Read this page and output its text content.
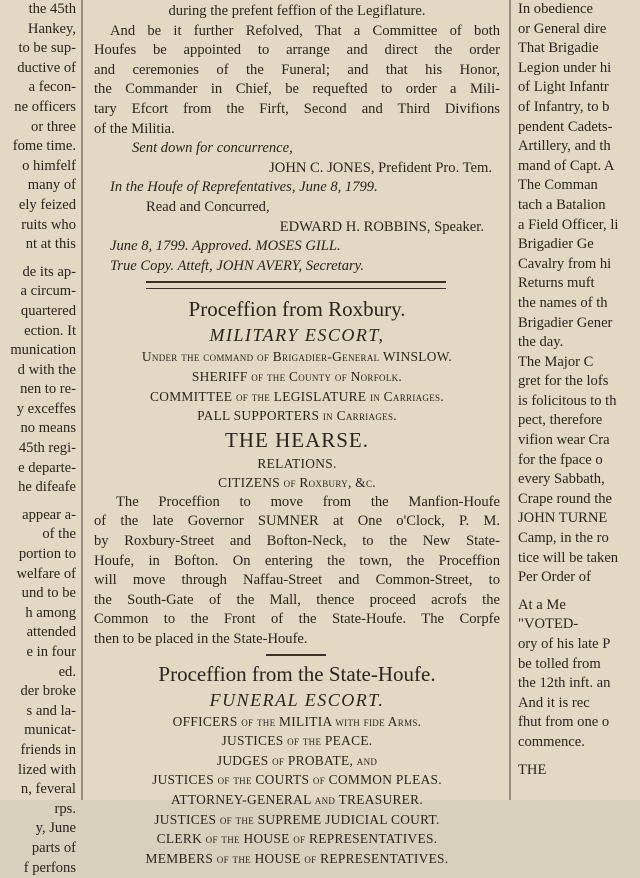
the 45th
Hankey,
to be sup-
ductive of
a fecon-
ne officers
or three
fome time.
o himfelf
many of
ely feized
ruits who
nt at this
de its ap-
a circum-
quartered
ection. It
munication
d with the
nen to re-
y exceffes
no means
45th regi-
e departe-
he difeafe
appear a-
of the
portion to
welfare of
und to be
h among
attended
e in four
ed.
der broke
s and la-
municat-
friends in
lized with
n, feveral
rps.
y, June
parts of
f perfons
during the prefent feffion of the Legiflature.
And be it further Refolved, That a Committee of both
Houfes be appointed to arrange and direct the order
and ceremonies of the Funeral; and that his Honor,
the Commander in Chief, be requefted to order a Mili-
tary Efcort from the Firft, Second and Third Divifions
of the Militia.
Sent down for concurrence,
JOHN C. JONES, Prefident Pro. Tem.
In the Houfe of Reprefentatives, June 8, 1799.
Read and Concurred,
EDWARD H. ROBBINS, Speaker.
June 8, 1799. Approved. MOSES GILL.
True Copy. Atteft, JOHN AVERY, Secretary.
Proceffion from Roxbury.
MILITARY ESCORT,
Under the command of Brigadier-General WINSLOW.
SHERIFF of the County of Norfolk.
COMMITTEE of the LEGISLATURE in Carriages.
PALL SUPPORTERS in Carriages.
THE HEARSE.
RELATIONS.
CITIZENS of Roxbury, &c.
The Proceffion to move from the Manfion-Houfe
of the late Governor SUMNER at One o'Clock, P. M.
by Roxbury-Street and Bofton-Neck, to the New State-
Houfe, in Bofton. On entering the town, the Proceffion
will move through Naffau-Street and Common-Street, to
the South-Gate of the Mall, thence proceed acrofs the
Common to the Front of the State-Houfe. The Corpfe
then to be placed in the State-Houfe.
Proceffion from the State-Houfe.
FUNERAL ESCORT.
OFFICERS of the MILITIA with fide Arms.
JUSTICES of the PEACE.
JUDGES of PROBATE, and
JUSTICES of the COURTS of COMMON PLEAS.
ATTORNEY-GENERAL and TREASURER.
JUSTICES of the SUPREME JUDICIAL COURT.
CLERK of the HOUSE of REPRESENTATIVES.
MEMBERS of the HOUSE of REPRESENTATIVES.
In obedience
or General dire
That Brigadie
Legion under hi
of Light Infantr
of Infantry, to b
pendent Cadets-
Artillery, and th
mand of Capt. A
The Comman
tach a Batalion
a Field Officer, li
Brigadier Ge
Cavalry from hi
Returns muft
the names of th
Brigadier Gener
the day.
The Major C
gret for the lofs
is folicitous to th
pect, therefore
vifion wear Cra
for the fpace o
every Sabbath,
Crape round the
JOHN TURNE
Camp, in the ro
tice will be taken
Per Order of
At a Me
"VOTED-
ory of his late P
be tolled from
the 12th inft. an
And it is rec
fhut from one o
commence.
THE
